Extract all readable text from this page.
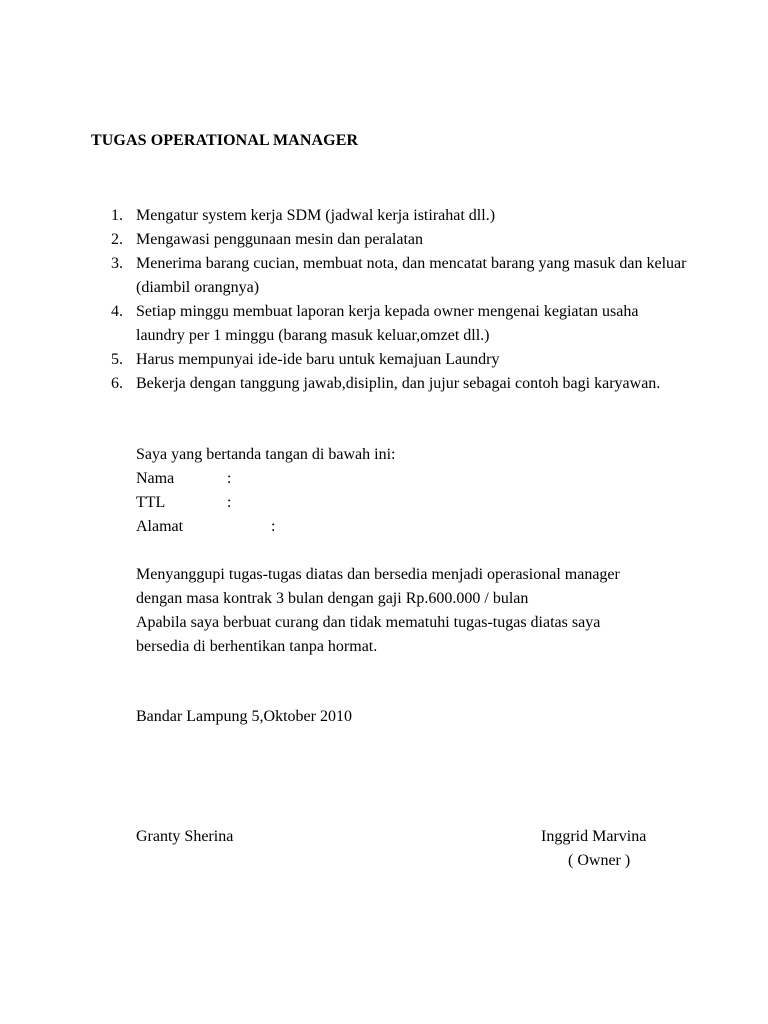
TUGAS OPERATIONAL MANAGER
1. Mengatur system kerja SDM (jadwal kerja istirahat dll.)
2. Mengawasi penggunaan mesin dan peralatan
3. Menerima barang cucian, membuat nota, dan mencatat barang yang masuk dan keluar (diambil orangnya)
4. Setiap minggu membuat laporan kerja kepada owner mengenai kegiatan usaha laundry per 1 minggu (barang masuk keluar,omzet dll.)
5. Harus mempunyai ide-ide baru untuk kemajuan Laundry
6. Bekerja dengan tanggung jawab,disiplin, dan jujur sebagai contoh bagi karyawan.
Saya yang bertanda tangan di bawah ini:
Nama	:
TTL	:
Alamat	:
Menyanggupi tugas-tugas diatas dan bersedia menjadi operasional manager
dengan masa kontrak 3 bulan dengan gaji Rp.600.000 / bulan
Apabila saya berbuat curang dan tidak mematuhi tugas-tugas diatas saya
bersedia di berhentikan tanpa hormat.
Bandar Lampung 5,Oktober 2010
Granty Sherina	Inggrid Marvina
( Owner )
